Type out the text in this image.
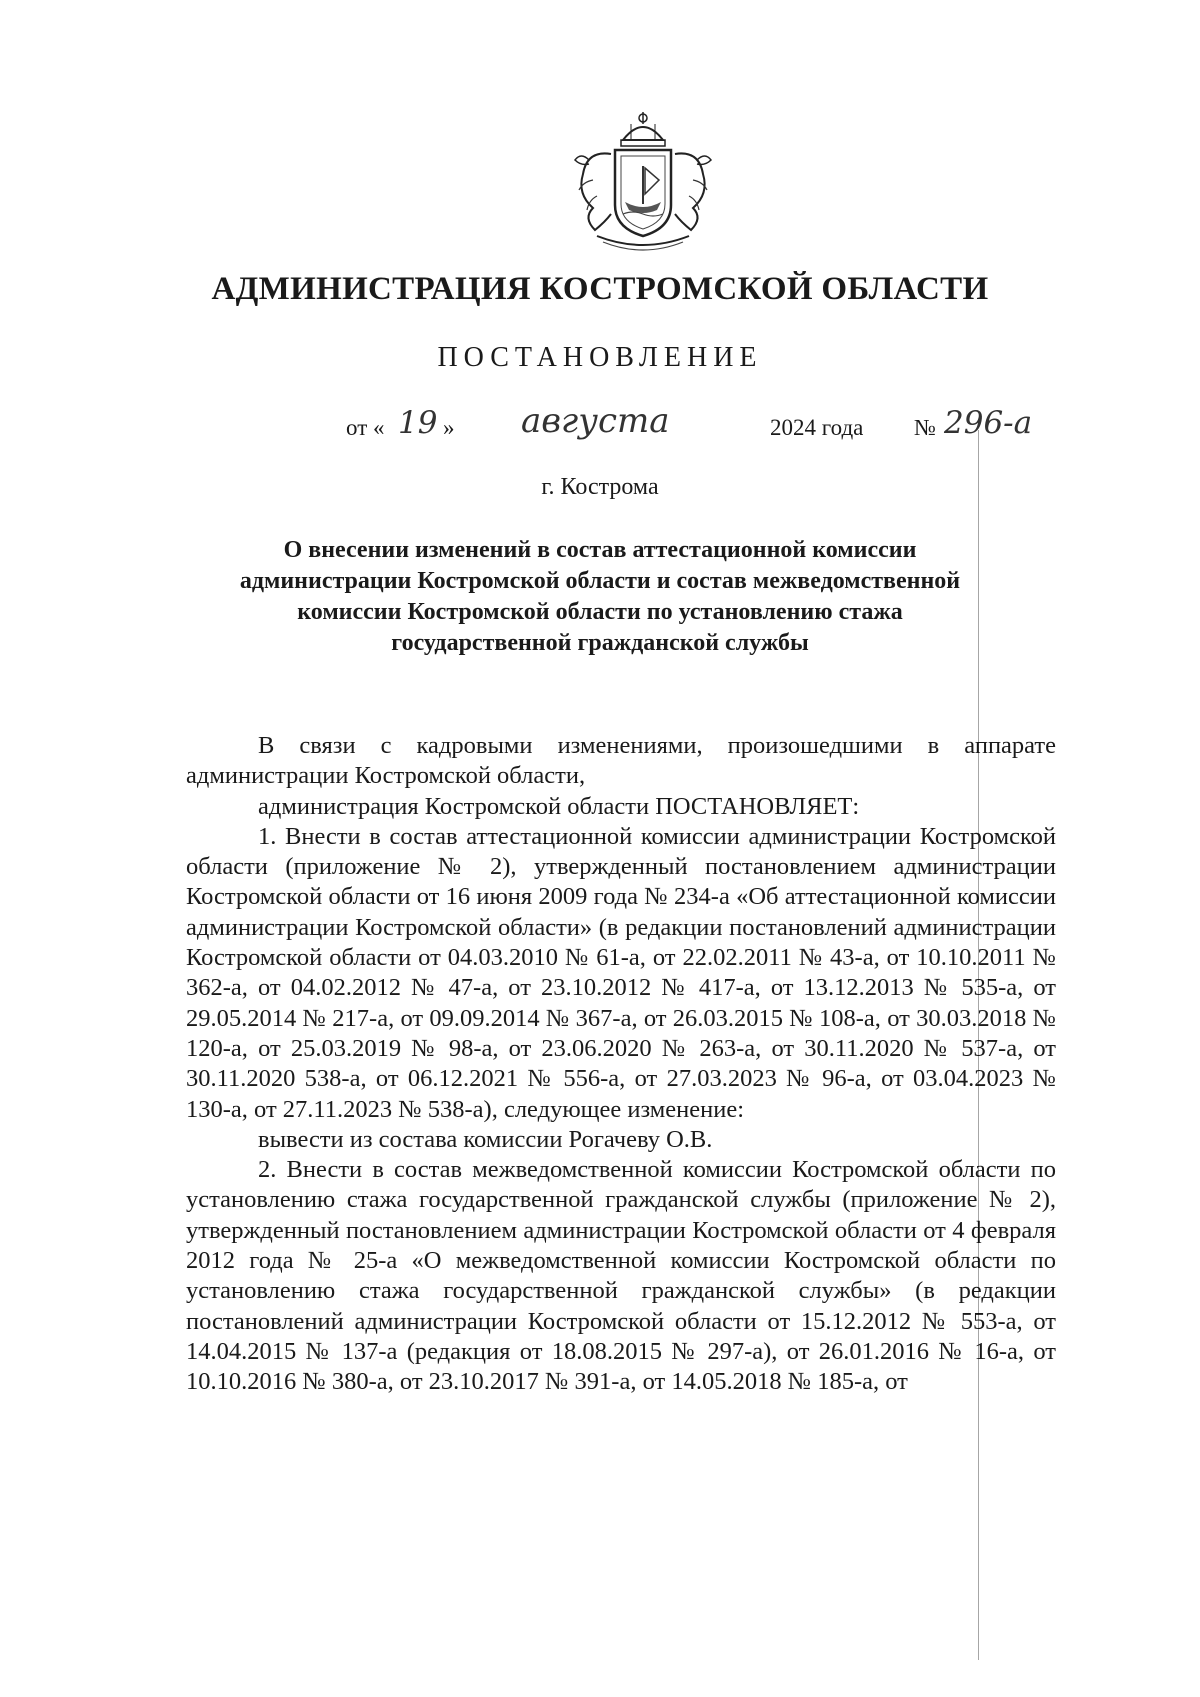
АДМИНИСТРАЦИЯ КОСТРОМСКОЙ ОБЛАСТИ
ПОСТАНОВЛЕНИЕ
от « 19 » августа	2024 года № 296-а
г. Кострома
О внесении изменений в состав аттестационной комиссии
администрации Костромской области и состав межведомственной
комиссии Костромской области по установлению стажа
государственной гражданской службы

В связи с кадровыми изменениями, произошедшими в аппарате администрации Костромской области,

администрация Костромской области ПОСТАНОВЛЯЕТ:

1. Внести в состав аттестационной комиссии администрации Костромской области (приложение № 2), утвержденный постановлением администрации Костромской области от 16 июня 2009 года № 234-а «Об аттестационной комиссии администрации Костромской области» (в редакции постановлений администрации Костромской области от 04.03.2010 № 61-а, от 22.02.2011 № 43-а, от 10.10.2011 № 362-а, от 04.02.2012 № 47-а, от 23.10.2012 № 417-а, от 13.12.2013 № 535-а, от 29.05.2014 № 217-а, от 09.09.2014 № 367-а, от 26.03.2015 № 108-а, от 30.03.2018 № 120-а, от 25.03.2019 № 98-а, от 23.06.2020 № 263-а, от 30.11.2020 № 537-а, от 30.11.2020 538-а, от 06.12.2021 № 556-а, от 27.03.2023 № 96-а, от 03.04.2023 № 130-а, от 27.11.2023 № 538-а), следующее изменение:

вывести из состава комиссии Рогачеву О.В.

2. Внести в состав межведомственной комиссии Костромской области по установлению стажа государственной гражданской службы (приложение № 2), утвержденный постановлением администрации Костромской области от 4 февраля 2012 года № 25-а «О межведомственной комиссии Костромской области по установлению стажа государственной гражданской службы» (в редакции постановлений администрации Костромской области от 15.12.2012 № 553-а, от 14.04.2015 № 137-а (редакция от 18.08.2015 № 297-а), от 26.01.2016 № 16-а, от 10.10.2016 № 380-а, от 23.10.2017 № 391-а, от 14.05.2018 № 185-а, от
